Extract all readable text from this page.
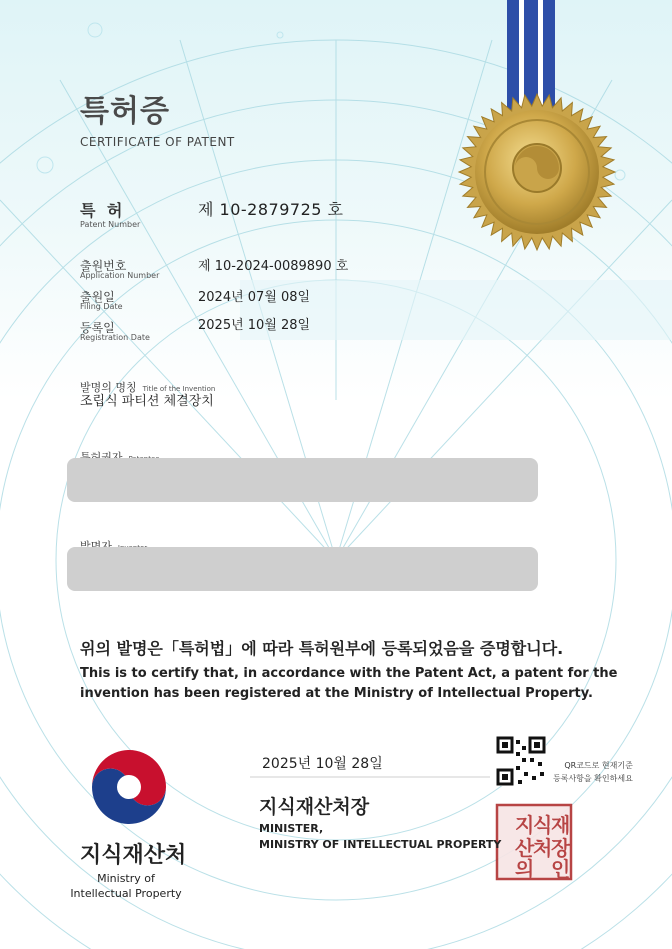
지
식
재
산
처
장
의 인
특허증
CERTIFICATE OF PATENT
특 허
Patent Number
제 10-2879725 호
출원번호
Application Number
제 10-2024-0089890 호
출원일
Filing Date
2024년 07월 08일
등록일
Registration Date
2025년 10월 28일
발명의 명칭 Title of the Invention
조립식 파티션 체결장치
위의 발명은「특허법」에 따라 특허원부에 등록되었음을 증명합니다.
This is to certify that, in accordance with the Patent Act, a patent for the
invention has been registered at the Ministry of Intellectual Property.
2025년 10월 28일
지식재산처장
MINISTER,
MINISTRY OF INTELLECTUAL PROPERTY
QR코드로 현재기준
등록사항을 확인하세요
지식재산처
Ministry of
Intellectual Property
